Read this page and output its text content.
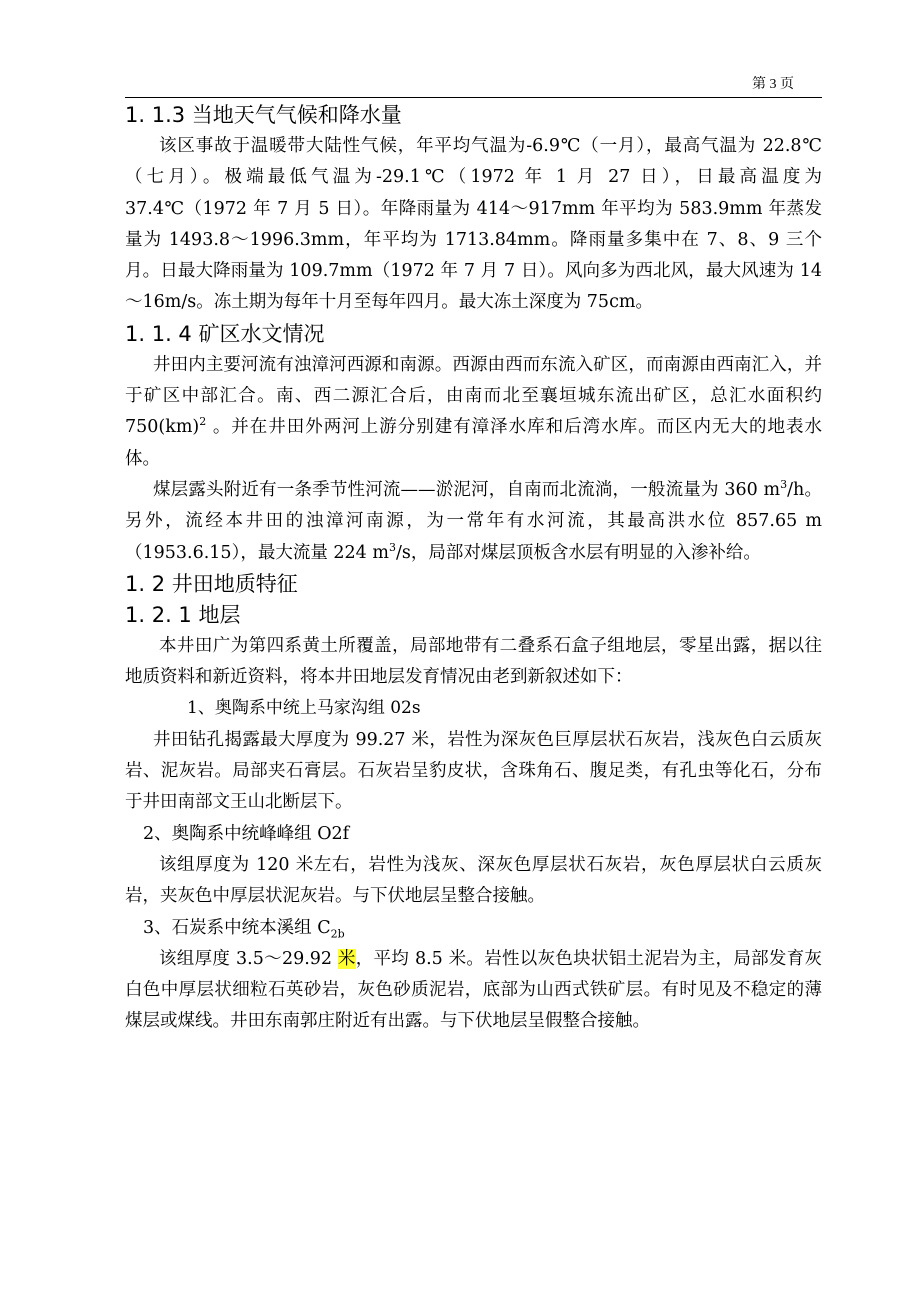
第 3 页
1. 1.3 当地天气气候和降水量
该区事故于温暖带大陆性气候，年平均气温为-6.9℃（一月），最高气温为 22.8℃（七月）。极端最低气温为-29.1℃（1972 年 1 月 27 日），日最高温度为 37.4℃（1972 年 7 月 5 日）。年降雨量为 414～917mm 年平均为 583.9mm 年蒸发量为 1493.8～1996.3mm，年平均为 1713.84mm。降雨量多集中在 7、8、9 三个月。日最大降雨量为 109.7mm（1972 年 7 月 7 日）。风向多为西北风，最大风速为 14～16m/s。冻土期为每年十月至每年四月。最大冻土深度为 75cm。
1. 1. 4 矿区水文情况
井田内主要河流有浊漳河西源和南源。西源由西而东流入矿区，而南源由西南汇入，并于矿区中部汇合。南、西二源汇合后，由南而北至襄垣城东流出矿区，总汇水面积约 750(km)$^2$ 。并在井田外两河上游分别建有漳泽水库和后湾水库。而区内无大的地表水体。
煤层露头附近有一条季节性河流——淤泥河，自南而北流淌，一般流量为 360 $m^3/h$。另外，流经本井田的浊漳河南源，为一常年有水河流，其最高洪水位 857.65 m（1953.6.15），最大流量 224 $m^3/s$，局部对煤层顶板含水层有明显的入渗补给。
1. 2 井田地质特征
1. 2. 1 地层
本井田广为第四系黄土所覆盖，局部地带有二叠系石盒子组地层，零星出露，据以往地质资料和新近资料，将本井田地层发育情况由老到新叙述如下：
1、奥陶系中统上马家沟组 02s
井田钻孔揭露最大厚度为 99.27 米，岩性为深灰色巨厚层状石灰岩，浅灰色白云质灰岩、泥灰岩。局部夹石膏层。石灰岩呈豹皮状，含珠角石、腹足类，有孔虫等化石，分布于井田南部文王山北断层下。
2、奥陶系中统峰峰组 O2f
该组厚度为 120 米左右，岩性为浅灰、深灰色厚层状石灰岩，灰色厚层状白云质灰岩，夹灰色中厚层状泥灰岩。与下伏地层呈整合接触。
3、石炭系中统本溪组 $C_{2b}$
该组厚度 3.5～29.92 米，平均 8.5 米。岩性以灰色块状铝土泥岩为主，局部发育灰白色中厚层状细粒石英砂岩，灰色砂质泥岩，底部为山西式铁矿层。有时见及不稳定的薄煤层或煤线。井田东南郭庄附近有出露。与下伏地层呈假整合接触。
